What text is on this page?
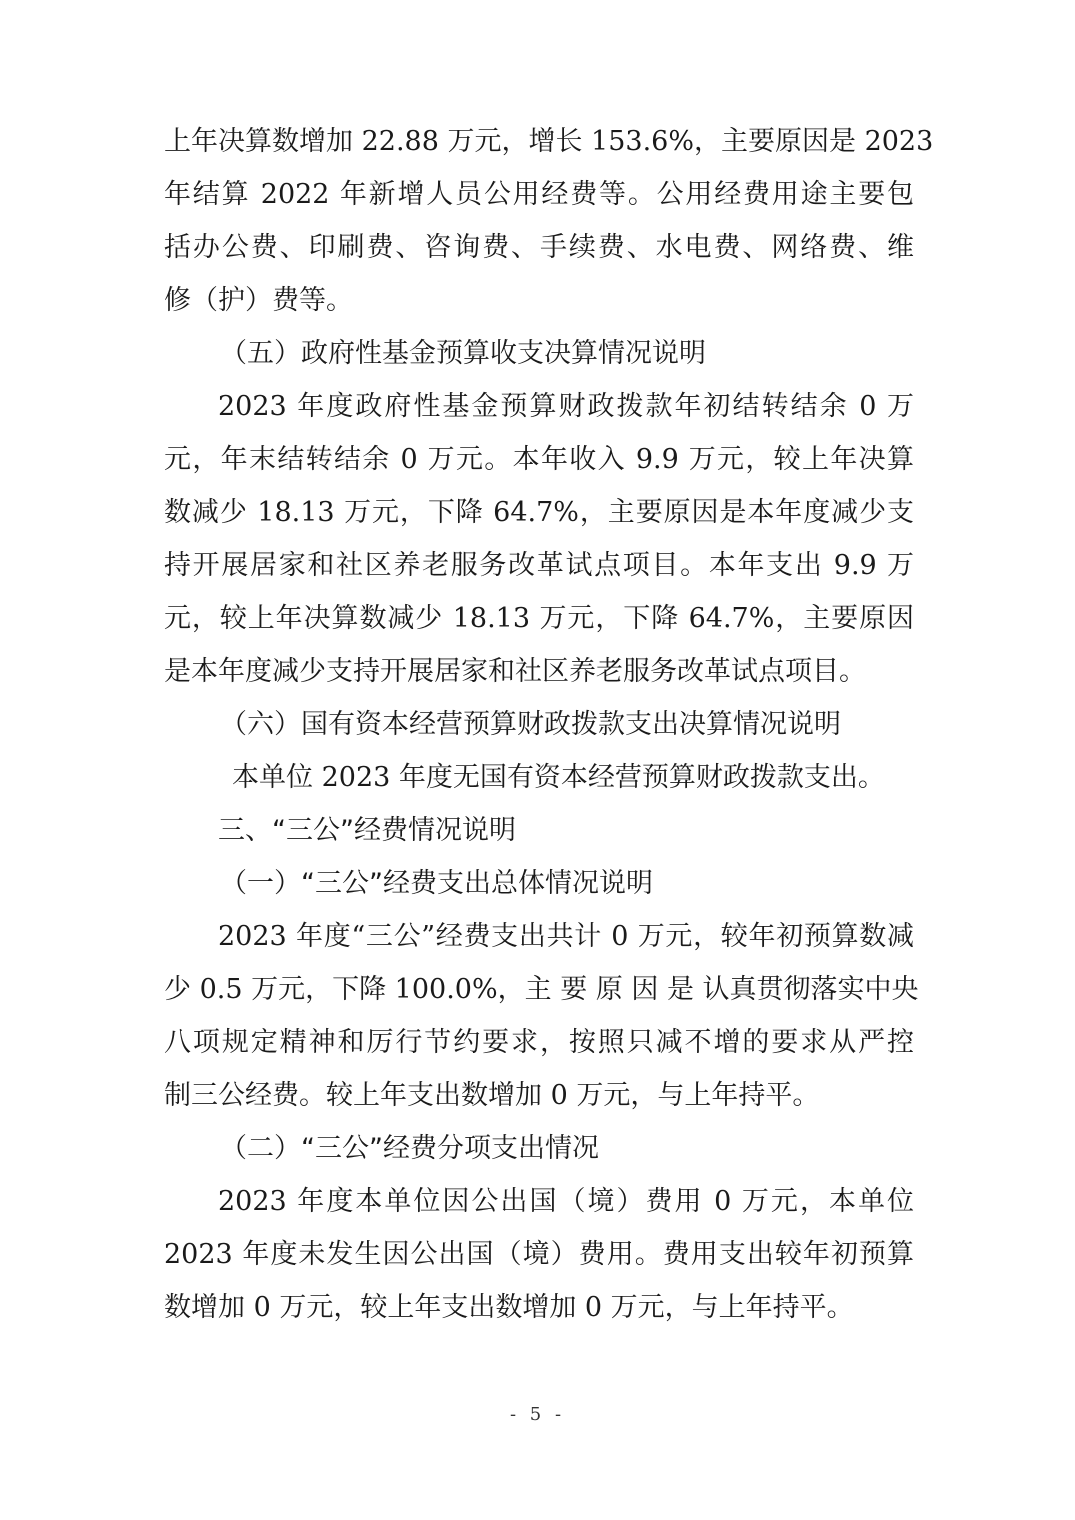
上年决算数增加 22.88 万元，增长 153.6%，主要原因是 2023
年结算 2022 年新增人员公用经费等。公用经费用途主要包
括办公费、印刷费、咨询费、手续费、水电费、网络费、维
修（护）费等。
（五）政府性基金预算收支决算情况说明
2023 年度政府性基金预算财政拨款年初结转结余 0 万
元，年末结转结余 0 万元。本年收入 9.9 万元，较上年决算
数减少 18.13 万元，下降 64.7%，主要原因是本年度减少支
持开展居家和社区养老服务改革试点项目。本年支出 9.9 万
元，较上年决算数减少 18.13 万元，下降 64.7%，主要原因
是本年度减少支持开展居家和社区养老服务改革试点项目。
（六）国有资本经营预算财政拨款支出决算情况说明
本单位 2023 年度无国有资本经营预算财政拨款支出。
三、“三公”经费情况说明
（一）“三公”经费支出总体情况说明
2023 年度“三公”经费支出共计 0 万元，较年初预算数减
少 0.5 万元，下降 100.0%，主 要 原 因 是 认真贯彻落实中央
八项规定精神和厉行节约要求，按照只减不增的要求从严控
制三公经费。较上年支出数增加 0 万元，与上年持平。
（二）“三公”经费分项支出情况
2023 年度本单位因公出国（境）费用 0 万元，本单位
2023 年度未发生因公出国（境）费用。费用支出较年初预算
数增加 0 万元，较上年支出数增加 0 万元，与上年持平。
- 5 -
